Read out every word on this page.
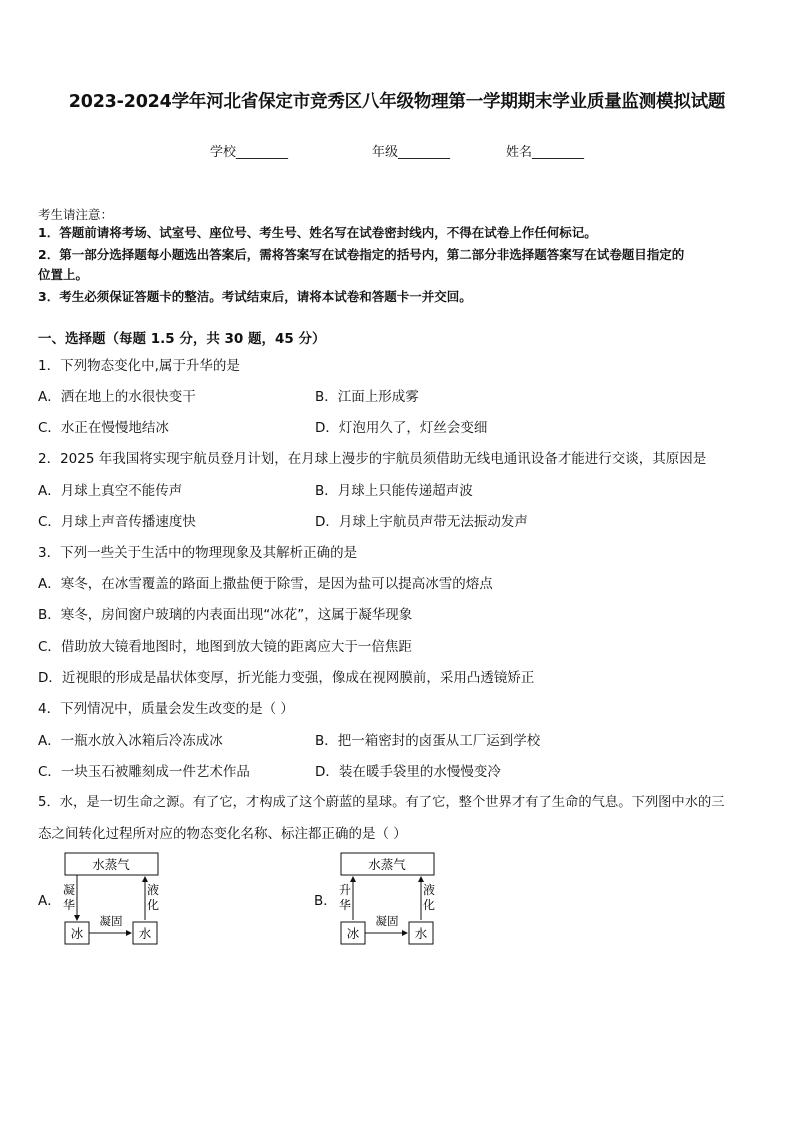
2023-2024学年河北省保定市竞秀区八年级物理第一学期期末学业质量监测模拟试题
学校________	年级________	姓名________
考生请注意：
1．答题前请将考场、试室号、座位号、考生号、姓名写在试卷密封线内，不得在试卷上作任何标记。
2．第一部分选择题每小题选出答案后，需将答案写在试卷指定的括号内，第二部分非选择题答案写在试卷题目指定的
位置上。
3．考生必须保证答题卡的整洁。考试结束后，请将本试卷和答题卡一并交回。
一、选择题（每题 1.5 分，共 30 题，45 分）
1．下列物态变化中,属于升华的是
A．洒在地上的水很快变干	B．江面上形成雾
C．水正在慢慢地结冰	D．灯泡用久了，灯丝会变细
2．2025 年我国将实现宇航员登月计划，在月球上漫步的宇航员须借助无线电通讯设备才能进行交谈，其原因是
A．月球上真空不能传声	B．月球上只能传递超声波
C．月球上声音传播速度快	D．月球上宇航员声带无法振动发声
3．下列一些关于生活中的物理现象及其解析正确的是
A．寒冬，在冰雪覆盖的路面上撒盐便于除雪，是因为盐可以提高冰雪的熔点
B．寒冬，房间窗户玻璃的内表面出现“冰花”，这属于凝华现象
C．借助放大镜看地图时，地图到放大镜的距离应大于一倍焦距
D．近视眼的形成是晶状体变厚，折光能力变强，像成在视网膜前，采用凸透镜矫正
4．下列情况中，质量会发生改变的是（ ）
A．一瓶水放入冰箱后冷冻成冰	B．把一箱密封的卤蛋从工厂运到学校
C．一块玉石被雕刻成一件艺术作品	D．装在暖手袋里的水慢慢变冷
5．水，是一切生命之源。有了它，才构成了这个蔚蓝的星球。有了它，整个世界才有了生命的气息。下列图中水的三
态之间转化过程所对应的物态变化名称、标注都正确的是（ ）
A．
水蒸气
凝
华
液
化
冰	水
凝固
B．
水蒸气
升
华
液
化
冰	水
凝固
